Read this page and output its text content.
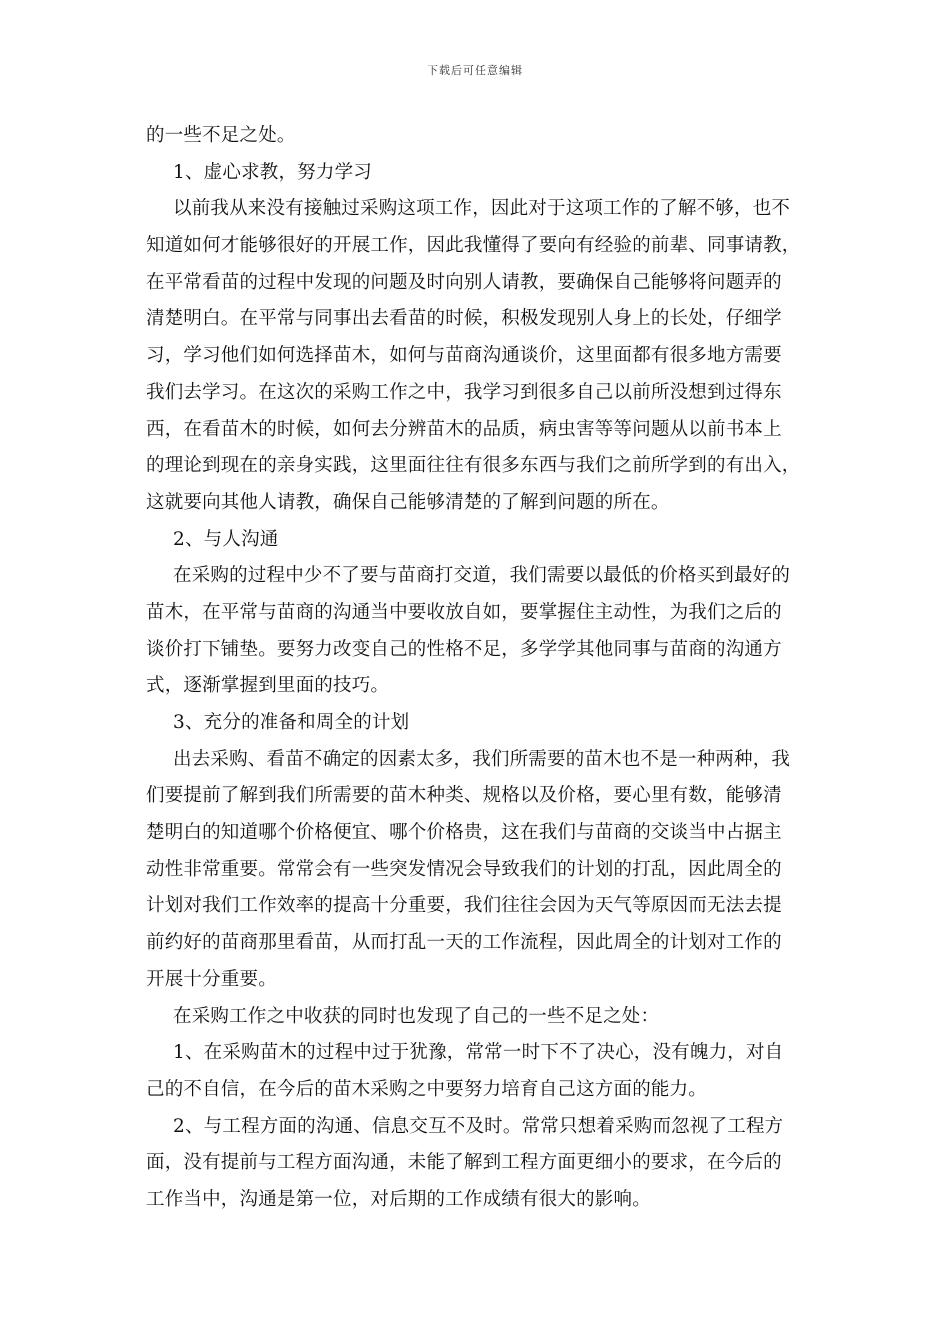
下载后可任意编辑
的一些不足之处。
1、虚心求教，努力学习
以前我从来没有接触过采购这项工作，因此对于这项工作的了解不够，也不
知道如何才能够很好的开展工作，因此我懂得了要向有经验的前辈、同事请教，
在平常看苗的过程中发现的问题及时向别人请教，要确保自己能够将问题弄的
清楚明白。在平常与同事出去看苗的时候，积极发现别人身上的长处，仔细学
习，学习他们如何选择苗木，如何与苗商沟通谈价，这里面都有很多地方需要
我们去学习。在这次的采购工作之中，我学习到很多自己以前所没想到过得东
西，在看苗木的时候，如何去分辨苗木的品质，病虫害等等问题从以前书本上
的理论到现在的亲身实践，这里面往往有很多东西与我们之前所学到的有出入，
这就要向其他人请教，确保自己能够清楚的了解到问题的所在。
2、与人沟通
在采购的过程中少不了要与苗商打交道，我们需要以最低的价格买到最好的
苗木，在平常与苗商的沟通当中要收放自如，要掌握住主动性，为我们之后的
谈价打下铺垫。要努力改变自己的性格不足，多学学其他同事与苗商的沟通方
式，逐渐掌握到里面的技巧。
3、充分的准备和周全的计划
出去采购、看苗不确定的因素太多，我们所需要的苗木也不是一种两种，我
们要提前了解到我们所需要的苗木种类、规格以及价格，要心里有数，能够清
楚明白的知道哪个价格便宜、哪个价格贵，这在我们与苗商的交谈当中占据主
动性非常重要。常常会有一些突发情况会导致我们的计划的打乱，因此周全的
计划对我们工作效率的提高十分重要，我们往往会因为天气等原因而无法去提
前约好的苗商那里看苗，从而打乱一天的工作流程，因此周全的计划对工作的
开展十分重要。
在采购工作之中收获的同时也发现了自己的一些不足之处：
1、在采购苗木的过程中过于犹豫，常常一时下不了决心，没有魄力，对自
己的不自信，在今后的苗木采购之中要努力培育自己这方面的能力。
2、与工程方面的沟通、信息交互不及时。常常只想着采购而忽视了工程方
面，没有提前与工程方面沟通，未能了解到工程方面更细小的要求，在今后的
工作当中，沟通是第一位，对后期的工作成绩有很大的影响。
